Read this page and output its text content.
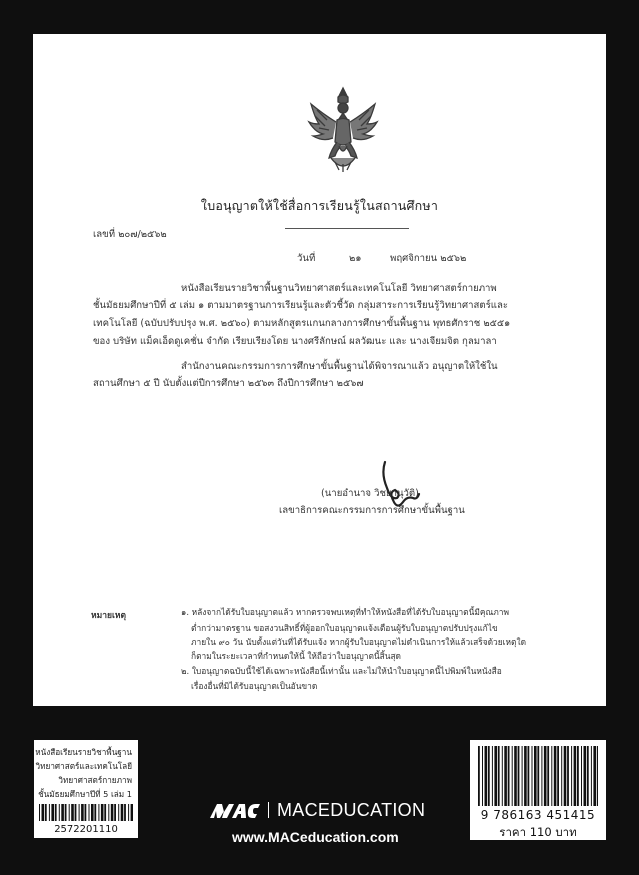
ใบอนุญาตให้ใช้สื่อการเรียนรู้ในสถานศึกษา
เลขที่ ๒๐๗/๒๕๖๒
วันที่	๒๑	พฤศจิกายน ๒๕๖๒
หนังสือเรียนรายวิชาพื้นฐานวิทยาศาสตร์และเทคโนโลยี วิทยาศาสตร์กายภาพ
ชั้นมัธยมศึกษาปีที่ ๕ เล่ม ๑ ตามมาตรฐานการเรียนรู้และตัวชี้วัด กลุ่มสาระการเรียนรู้วิทยาศาสตร์และ
เทคโนโลยี (ฉบับปรับปรุง พ.ศ. ๒๕๖๐) ตามหลักสูตรแกนกลางการศึกษาขั้นพื้นฐาน พุทธศักราช ๒๕๕๑
ของ บริษัท แม็คเอ็ดดูเคชั่น จำกัด เรียบเรียงโดย นางศรีลักษณ์ ผลวัฒนะ และ นางเจียมจิต กุลมาลา
สำนักงานคณะกรรมการการศึกษาขั้นพื้นฐานได้พิจารณาแล้ว อนุญาตให้ใช้ใน
สถานศึกษา ๕ ปี นับตั้งแต่ปีการศึกษา ๒๕๖๓ ถึงปีการศึกษา ๒๕๖๗
(นายอำนาจ วิชยานุวัติ)
เลขาธิการคณะกรรมการการศึกษาขั้นพื้นฐาน
หมายเหตุ	๑. หลังจากได้รับใบอนุญาตแล้ว หากตรวจพบเหตุที่ทำให้หนังสือที่ได้รับใบอนุญาตนี้มีคุณภาพ
ต่ำกว่ามาตรฐาน ขอสงวนสิทธิ์ที่ผู้ออกใบอนุญาตแจ้งเตือนผู้รับใบอนุญาตปรับปรุงแก้ไข
ภายใน ๙๐ วัน นับตั้งแต่วันที่ได้รับแจ้ง หากผู้รับใบอนุญาตไม่ดำเนินการให้แล้วเสร็จด้วยเหตุใด
ก็ตามในระยะเวลาที่กำหนดให้นี้ ให้ถือว่าใบอนุญาตนี้สิ้นสุด
๒. ใบอนุญาตฉบับนี้ใช้ได้เฉพาะหนังสือนี้เท่านั้น และไม่ให้นำใบอนุญาตนี้ไปพิมพ์ในหนังสือ
เรื่องอื่นที่มิได้รับอนุญาตเป็นอันขาด
หนังสือเรียนรายวิชาพื้นฐาน
วิทยาศาสตร์และเทคโนโลยี
วิทยาศาสตร์กายภาพ
ชั้นมัธยมศึกษาปีที่ 5 เล่ม 1
2572201110
MACEDUCATION
www.MACeducation.com
9 786163 451415
ราคา 110 บาท
